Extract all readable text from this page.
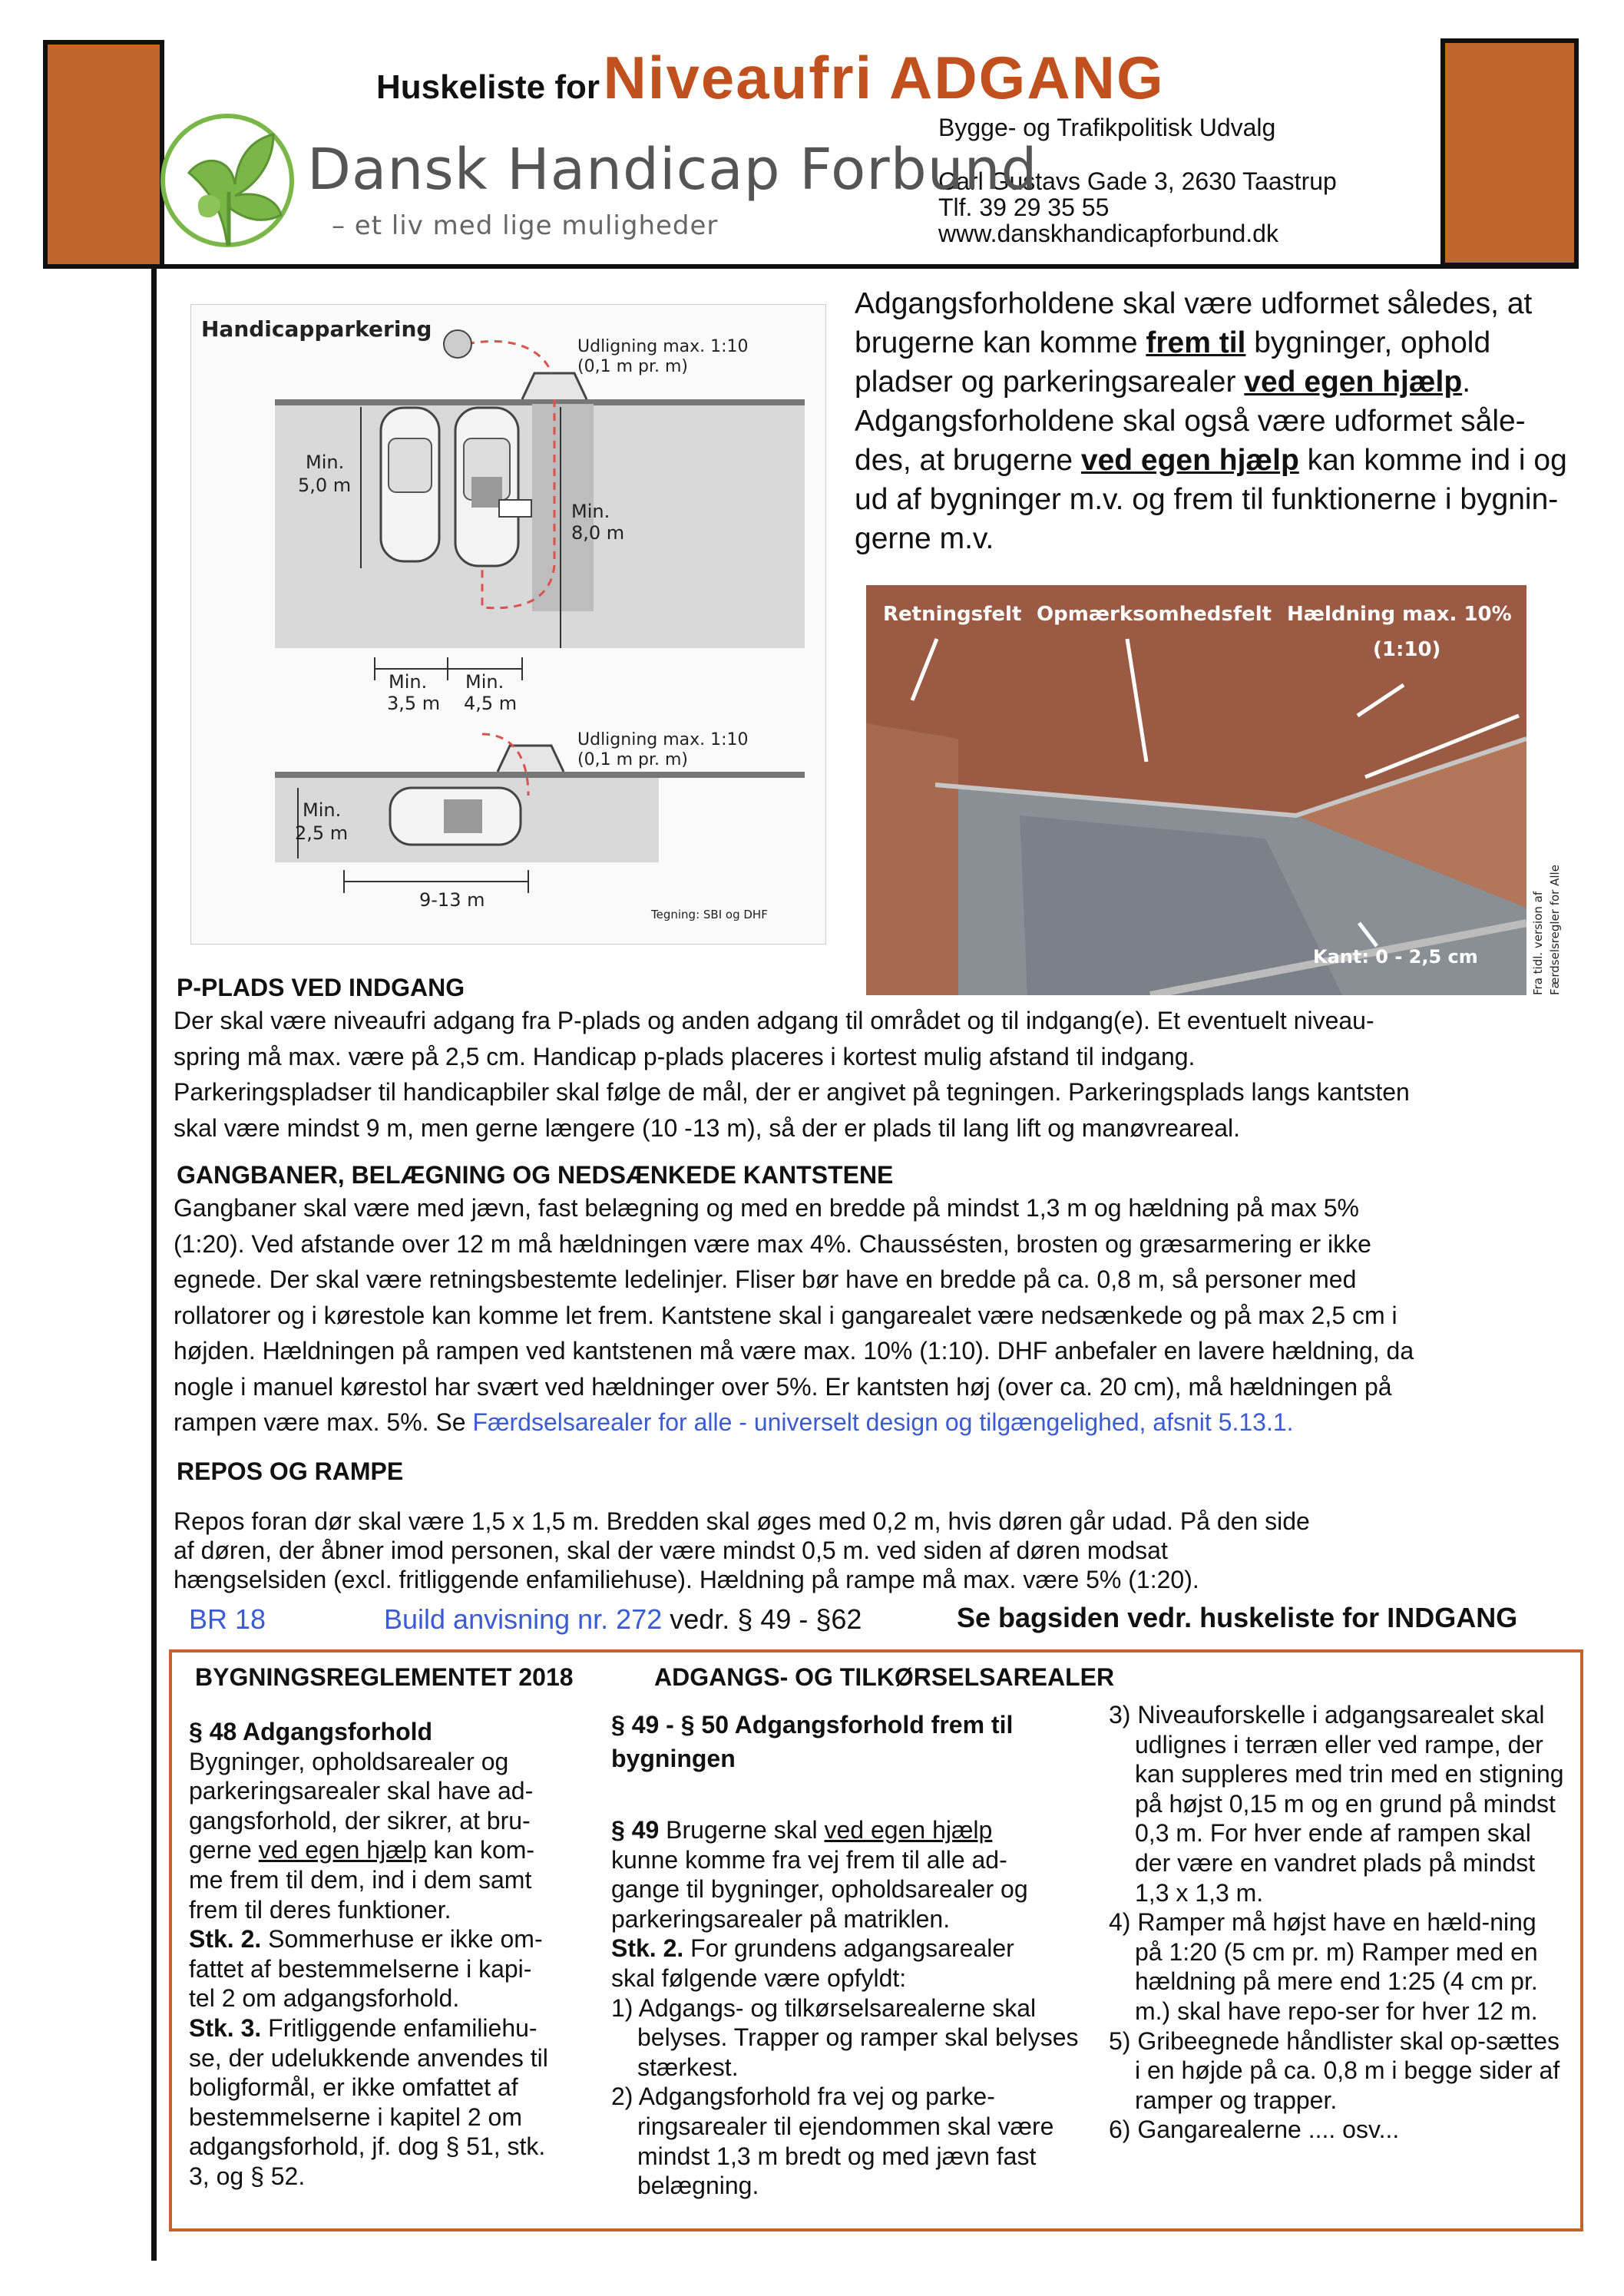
Huskeliste for Niveaufri ADGANG
Bygge- og Trafikpolitisk Udvalg
Carl Gustavs Gade 3, 2630 Taastrup
Tlf. 39 29 35 55
www.danskhandicapforbund.dk
Dansk Handicap Forbund
– et liv med lige muligheder
Adgangsforholdene skal være udformet således, at
brugerne kan komme frem til bygninger, ophold
pladser og parkeringsarealer ved egen hjælp.
Adgangsforholdene skal også være udformet såle-
des, at brugerne ved egen hjælp kan komme ind i og
ud af bygninger m.v. og frem til funktionerne i bygnin-
gerne m.v.
Handicapparkering
Udligning max. 1:10
(0,1 m pr. m)
Min.
5,0 m
Min.
8,0 m
Min.
3,5 m
Min.
4,5 m
Udligning max. 1:10
(0,1 m pr. m)
Min.
2,5 m
9-13 m
Tegning: SBI og DHF
Retningsfelt Opmærksomhedsfelt Hældning max. 10%
(1:10)
Kant: 0 - 2,5 cm	Fra tidl. version af Færdselsregler for Alle
P-PLADS VED INDGANG
Der skal være niveaufri adgang fra P-plads og anden adgang til området og til indgang(e). Et eventuelt niveau-
spring må max. være på 2,5 cm. Handicap p-plads placeres i kortest mulig afstand til indgang.
Parkeringspladser til handicapbiler skal følge de mål, der er angivet på tegningen. Parkeringsplads langs kantsten
skal være mindst 9 m, men gerne længere (10 -13 m), så der er plads til lang lift og manøvreareal.
GANGBANER, BELÆGNING OG NEDSÆNKEDE KANTSTENE
Gangbaner skal være med jævn, fast belægning og med en bredde på mindst 1,3 m og hældning på max 5%
(1:20). Ved afstande over 12 m må hældningen være max 4%. Chaussésten, brosten og græsarmering er ikke
egnede. Der skal være retningsbestemte ledelinjer. Fliser bør have en bredde på ca. 0,8 m, så personer med
rollatorer og i kørestole kan komme let frem. Kantstene skal i gangarealet være nedsænkede og på max 2,5 cm i
højden. Hældningen på rampen ved kantstenen må være max. 10% (1:10). DHF anbefaler en lavere hældning, da
nogle i manuel kørestol har svært ved hældninger over 5%. Er kantsten høj (over ca. 20 cm), må hældningen på
rampen være max. 5%. Se Færdselsarealer for alle - universelt design og tilgængelighed, afsnit 5.13.1.
REPOS OG RAMPE
Repos foran dør skal være 1,5 x 1,5 m. Bredden skal øges med 0,2 m, hvis døren går udad. På den side
af døren, der åbner imod personen, skal der være mindst 0,5 m. ved siden af døren modsat
hængselsiden (excl. fritliggende enfamiliehuse). Hældning på rampe må max. være 5% (1:20).
BR 18	Build anvisning nr. 272 vedr. § 49 - §62	Se bagsiden vedr. huskeliste for INDGANG
BYGNINGSREGLEMENTET 2018	ADGANGS- OG TILKØRSELSAREALER

§ 48 Adgangsforhold

Bygninger, opholdsarealer og

parkeringsarealer skal have ad-

gangsforhold, der sikrer, at bru-

gerne ved egen hjælp kan kom-

me frem til dem, ind i dem samt

frem til deres funktioner.

Stk. 2. Sommerhuse er ikke om-

fattet af bestemmelserne i kapi-

tel 2 om adgangsforhold.

Stk. 3. Fritliggende enfamiliehu-

se, der udelukkende anvendes til

boligformål, er ikke omfattet af

bestemmelserne i kapitel 2 om

adgangsforhold, jf. dog § 51, stk.

3, og § 52.

§ 49 - § 50 Adgangsforhold frem til

bygningen

§ 49 Brugerne skal ved egen hjælp

kunne komme fra vej frem til alle ad-

gange til bygninger, opholdsarealer og

parkeringsarealer på matriklen.

Stk. 2. For grundens adgangsarealer

skal følgende være opfyldt:

1) Adgangs- og tilkørselsarealerne skal belyses. Trapper og ramper skal belyses stærkest.

2) Adgangsforhold fra vej og parke-ringsarealer til ejendommen skal være mindst 1,3 m bredt og med jævn fast belægning.

3) Niveauforskelle i adgangsarealet skal udlignes i terræn eller ved rampe, der kan suppleres med trin med en stigning på højst 0,15 m og en grund på mindst 0,3 m. For hver ende af rampen skal der være en vandret plads på mindst 1,3 x 1,3 m.

4) Ramper må højst have en hæld-ning på 1:20 (5 cm pr. m) Ramper med en hældning på mere end 1:25 (4 cm pr. m.) skal have repo-ser for hver 12 m.

5) Gribeegnede håndlister skal op-sættes i en højde på ca. 0,8 m i begge sider af ramper og trapper.

6) Gangarealerne .... osv...
